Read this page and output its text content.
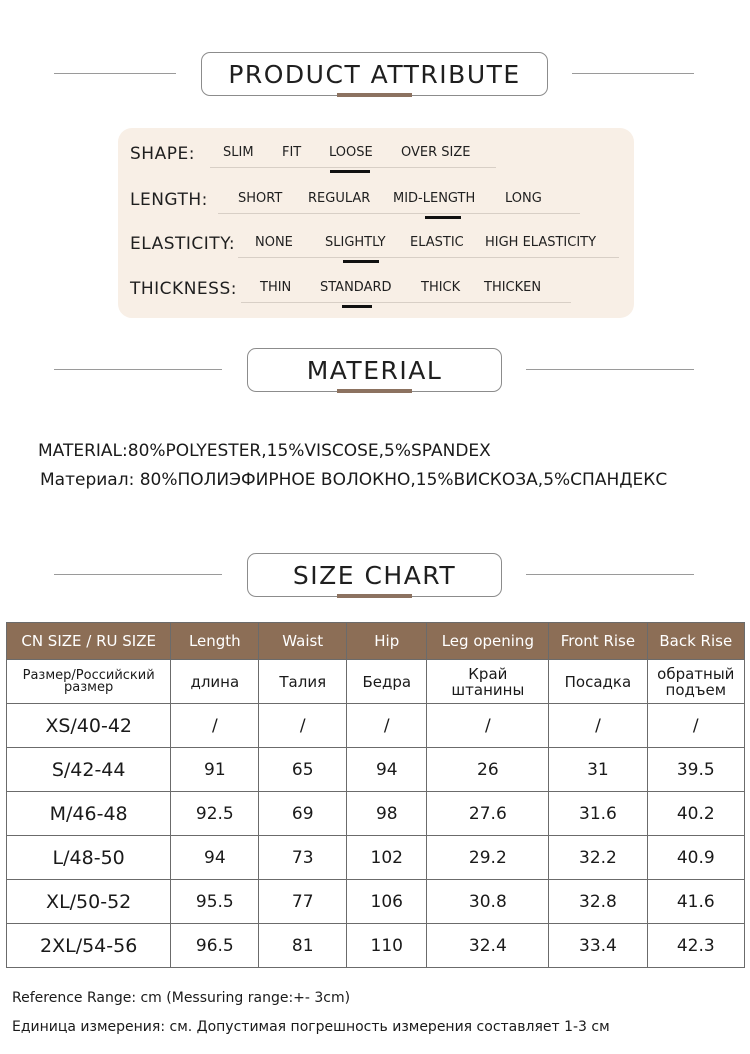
PRODUCT ATTRIBUTE
SHAPE: SLIM FIT LOOSE OVER SIZE
LENGTH: SHORT REGULAR MID-LENGTH LONG
ELASTICITY: NONE SLIGHTLY ELASTIC HIGH ELASTICITY
THICKNESS: THIN STANDARD THICK THICKEN
MATERIAL
MATERIAL:80%POLYESTER,15%VISCOSE,5%SPANDEX
Материал: 80%ПОЛИЭФИРНОЕ ВОЛОКНО,15%ВИСКОЗА,5%СПАНДЕКС
SIZE CHART
CN SIZE / RU SIZE	Length	Waist	Hip	Leg opening	Front Rise	Back Rise
Размер/Российский размер	длина	Талия	Бедра	Край штанины	Посадка	обратный подъем
XS/40-42	/	/	/	/	/	/
S/42-44	91	65	94	26	31	39.5
M/46-48	92.5	69	98	27.6	31.6	40.2
L/48-50	94	73	102	29.2	32.2	40.9
XL/50-52	95.5	77	106	30.8	32.8	41.6
2XL/54-56	96.5	81	110	32.4	33.4	42.3
Reference Range: cm (Messuring range:+- 3cm)
Единица измерения: см. Допустимая погрешность измерения составляет 1-3 см
